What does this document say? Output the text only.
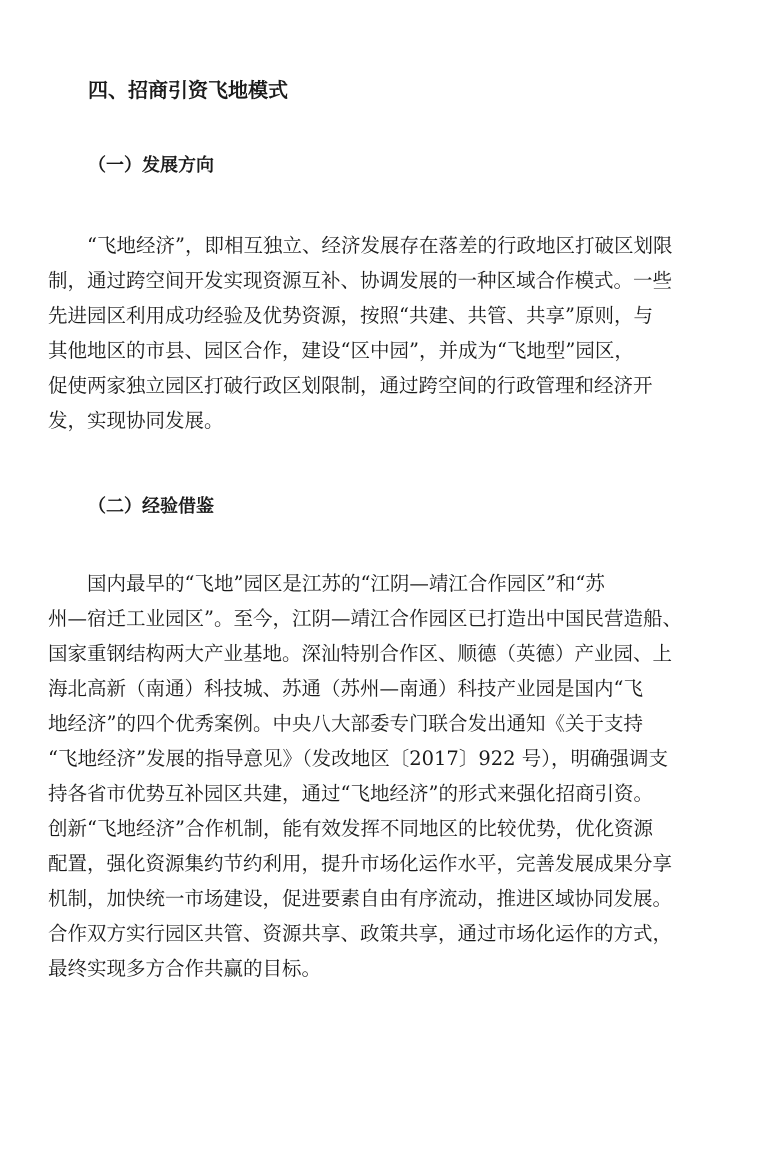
四、招商引资飞地模式
（一）发展方向
“飞地经济”，即相互独立、经济发展存在落差的行政地区打破区划限
制，通过跨空间开发实现资源互补、协调发展的一种区域合作模式。一些
先进园区利用成功经验及优势资源，按照“共建、共管、共享”原则，与
其他地区的市县、园区合作，建设“区中园”，并成为“飞地型”园区，
促使两家独立园区打破行政区划限制，通过跨空间的行政管理和经济开
发，实现协同发展。
（二）经验借鉴
国内最早的“飞地”园区是江苏的“江阴—靖江合作园区”和“苏
州—宿迁工业园区”。至今，江阴—靖江合作园区已打造出中国民营造船、
国家重钢结构两大产业基地。深汕特别合作区、顺德（英德）产业园、上
海北高新（南通）科技城、苏通（苏州—南通）科技产业园是国内“飞
地经济”的四个优秀案例。中央八大部委专门联合发出通知《关于支持
“飞地经济”发展的指导意见》（发改地区〔2017〕922 号），明确强调支
持各省市优势互补园区共建，通过“飞地经济”的形式来强化招商引资。
创新“飞地经济”合作机制，能有效发挥不同地区的比较优势，优化资源
配置，强化资源集约节约利用，提升市场化运作水平，完善发展成果分享
机制，加快统一市场建设，促进要素自由有序流动，推进区域协同发展。
合作双方实行园区共管、资源共享、政策共享，通过市场化运作的方式，
最终实现多方合作共赢的目标。
